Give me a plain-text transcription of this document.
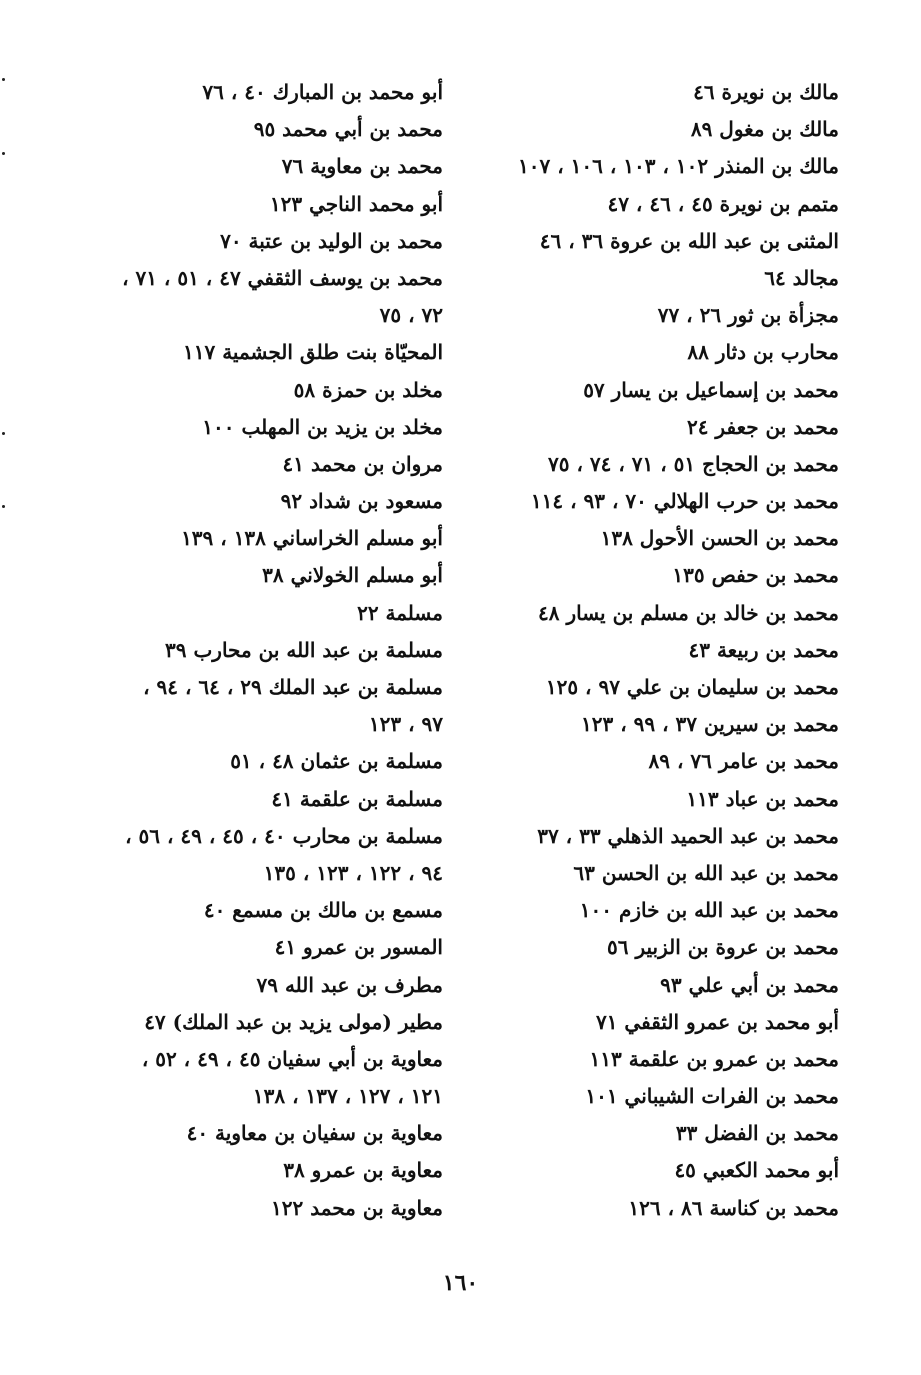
مالك بن نويرة ٤٦
مالك بن مغول ٨٩
مالك بن المنذر ١٠٢ ، ١٠٣ ، ١٠٦ ، ١٠٧
متمم بن نويرة ٤٥ ، ٤٦ ، ٤٧
المثنى بن عبد الله بن عروة ٣٦ ، ٤٦
مجالد ٦٤
مجزأة بن ثور ٢٦ ، ٧٧
محارب بن دثار ٨٨
محمد بن إسماعيل بن يسار ٥٧
محمد بن جعفر ٢٤
محمد بن الحجاج ٥١ ، ٧١ ، ٧٤ ، ٧٥
محمد بن حرب الهلالي ٧٠ ، ٩٣ ، ١١٤
محمد بن الحسن الأحول ١٣٨
محمد بن حفص ١٣٥
محمد بن خالد بن مسلم بن يسار ٤٨
محمد بن ربيعة ٤٣
محمد بن سليمان بن علي ٩٧ ، ١٢٥
محمد بن سيرين ٣٧ ، ٩٩ ، ١٢٣
محمد بن عامر ٧٦ ، ٨٩
محمد بن عباد ١١٣
محمد بن عبد الحميد الذهلي ٣٣ ، ٣٧
محمد بن عبد الله بن الحسن ٦٣
محمد بن عبد الله بن خازم ١٠٠
محمد بن عروة بن الزبير ٥٦
محمد بن أبي علي ٩٣
أبو محمد بن عمرو الثقفي ٧١
محمد بن عمرو بن علقمة ١١٣
محمد بن الفرات الشيباني ١٠١
محمد بن الفضل ٣٣
أبو محمد الكعبي ٤٥
محمد بن كناسة ٨٦ ، ١٢٦
أبو محمد بن المبارك ٤٠ ، ٧٦
محمد بن أبي محمد ٩٥
محمد بن معاوية ٧٦
أبو محمد الناجي ١٢٣
محمد بن الوليد بن عتبة ٧٠
محمد بن يوسف الثقفي ٤٧ ، ٥١ ، ٧١ ،
٧٢ ، ٧٥
المحيّاة بنت طلق الجشمية ١١٧
مخلد بن حمزة ٥٨
مخلد بن يزيد بن المهلب ١٠٠
مروان بن محمد ٤١
مسعود بن شداد ٩٢
أبو مسلم الخراساني ١٣٨ ، ١٣٩
أبو مسلم الخولاني ٣٨
مسلمة ٢٢
مسلمة بن عبد الله بن محارب ٣٩
مسلمة بن عبد الملك ٢٩ ، ٦٤ ، ٩٤ ،
٩٧ ، ١٢٣
مسلمة بن عثمان ٤٨ ، ٥١
مسلمة بن علقمة ٤١
مسلمة بن محارب ٤٠ ، ٤٥ ، ٤٩ ، ٥٦ ،
٩٤ ، ١٢٢ ، ١٢٣ ، ١٣٥
مسمع بن مالك بن مسمع ٤٠
المسور بن عمرو ٤١
مطرف بن عبد الله ٧٩
مطير (مولى يزيد بن عبد الملك) ٤٧
معاوية بن أبي سفيان ٤٥ ، ٤٩ ، ٥٢ ،
١٢١ ، ١٢٧ ، ١٣٧ ، ١٣٨
معاوية بن سفيان بن معاوية ٤٠
معاوية بن عمرو ٣٨
معاوية بن محمد ١٢٢
١٦٠
